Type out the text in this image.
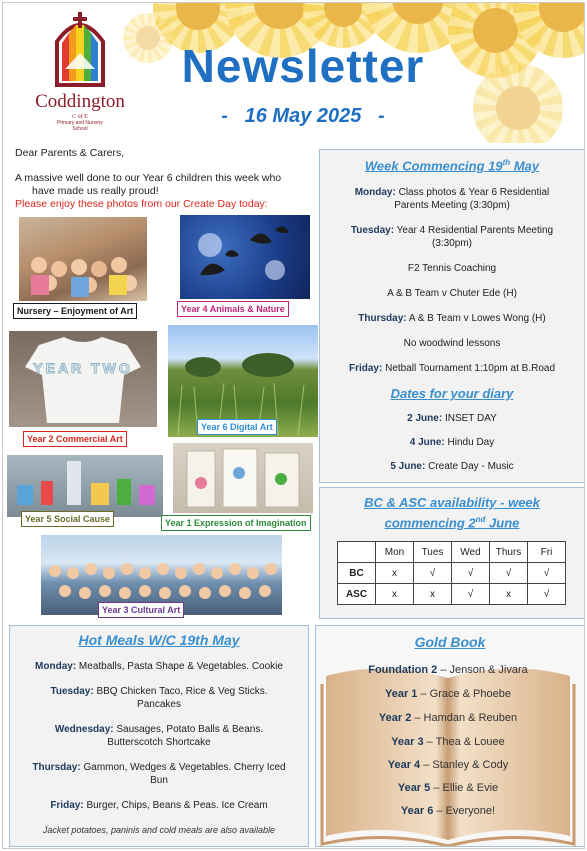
Coddington
C of E
Primary and Nursery
School
Newsletter
-   16 May 2025   -

Dear Parents & Carers,

A massive well done to our Year 6 children this week who
have made us really proud!

Please enjoy these photos from our Create Day today:

Nursery – Enjoyment of Art	Year 4 Animals & Nature
YEAR TWO
Year 2 Commercial Art
Year 6 Digital Art
Year 5 Social Cause	Year 1 Expression of Imagination
Year 3 Cultural Art
Week Commencing 19th May
Monday: Class photos & Year 6 Residential
Parents Meeting (3:30pm)
Tuesday: Year 4 Residential Parents Meeting
(3:30pm)
F2 Tennis Coaching
A & B Team v Chuter Ede (H)
Thursday: A & B Team v Lowes Wong (H)
No woodwind lessons
Friday: Netball Tournament 1:10pm at B.Road
Dates for your diary
2 June: INSET DAY
4 June: Hindu Day
5 June: Create Day - Music
BC & ASC availability - week
commencing 2nd June
	Mon	Tues	Wed	Thurs	Fri
BC	x	√	√	√	√
ASC	x	x	√	x	√
Hot Meals W/C 19th May
Monday: Meatballs, Pasta Shape & Vegetables. Cookie
Tuesday: BBQ Chicken Taco, Rice & Veg Sticks.
Pancakes
Wednesday: Sausages, Potato Balls & Beans.
Butterscotch Shortcake
Thursday: Gammon, Wedges & Vegetables. Cherry Iced
Bun
Friday: Burger, Chips, Beans & Peas. Ice Cream
Jacket potatoes, paninis and cold meals are also available
Gold Book
Foundation 2 – Jenson & Jivara
Year 1 – Grace & Phoebe
Year 2 – Hamdan & Reuben
Year 3 – Thea & Louee
Year 4 – Stanley & Cody
Year 5 – Ellie & Evie
Year 6 – Everyone!
